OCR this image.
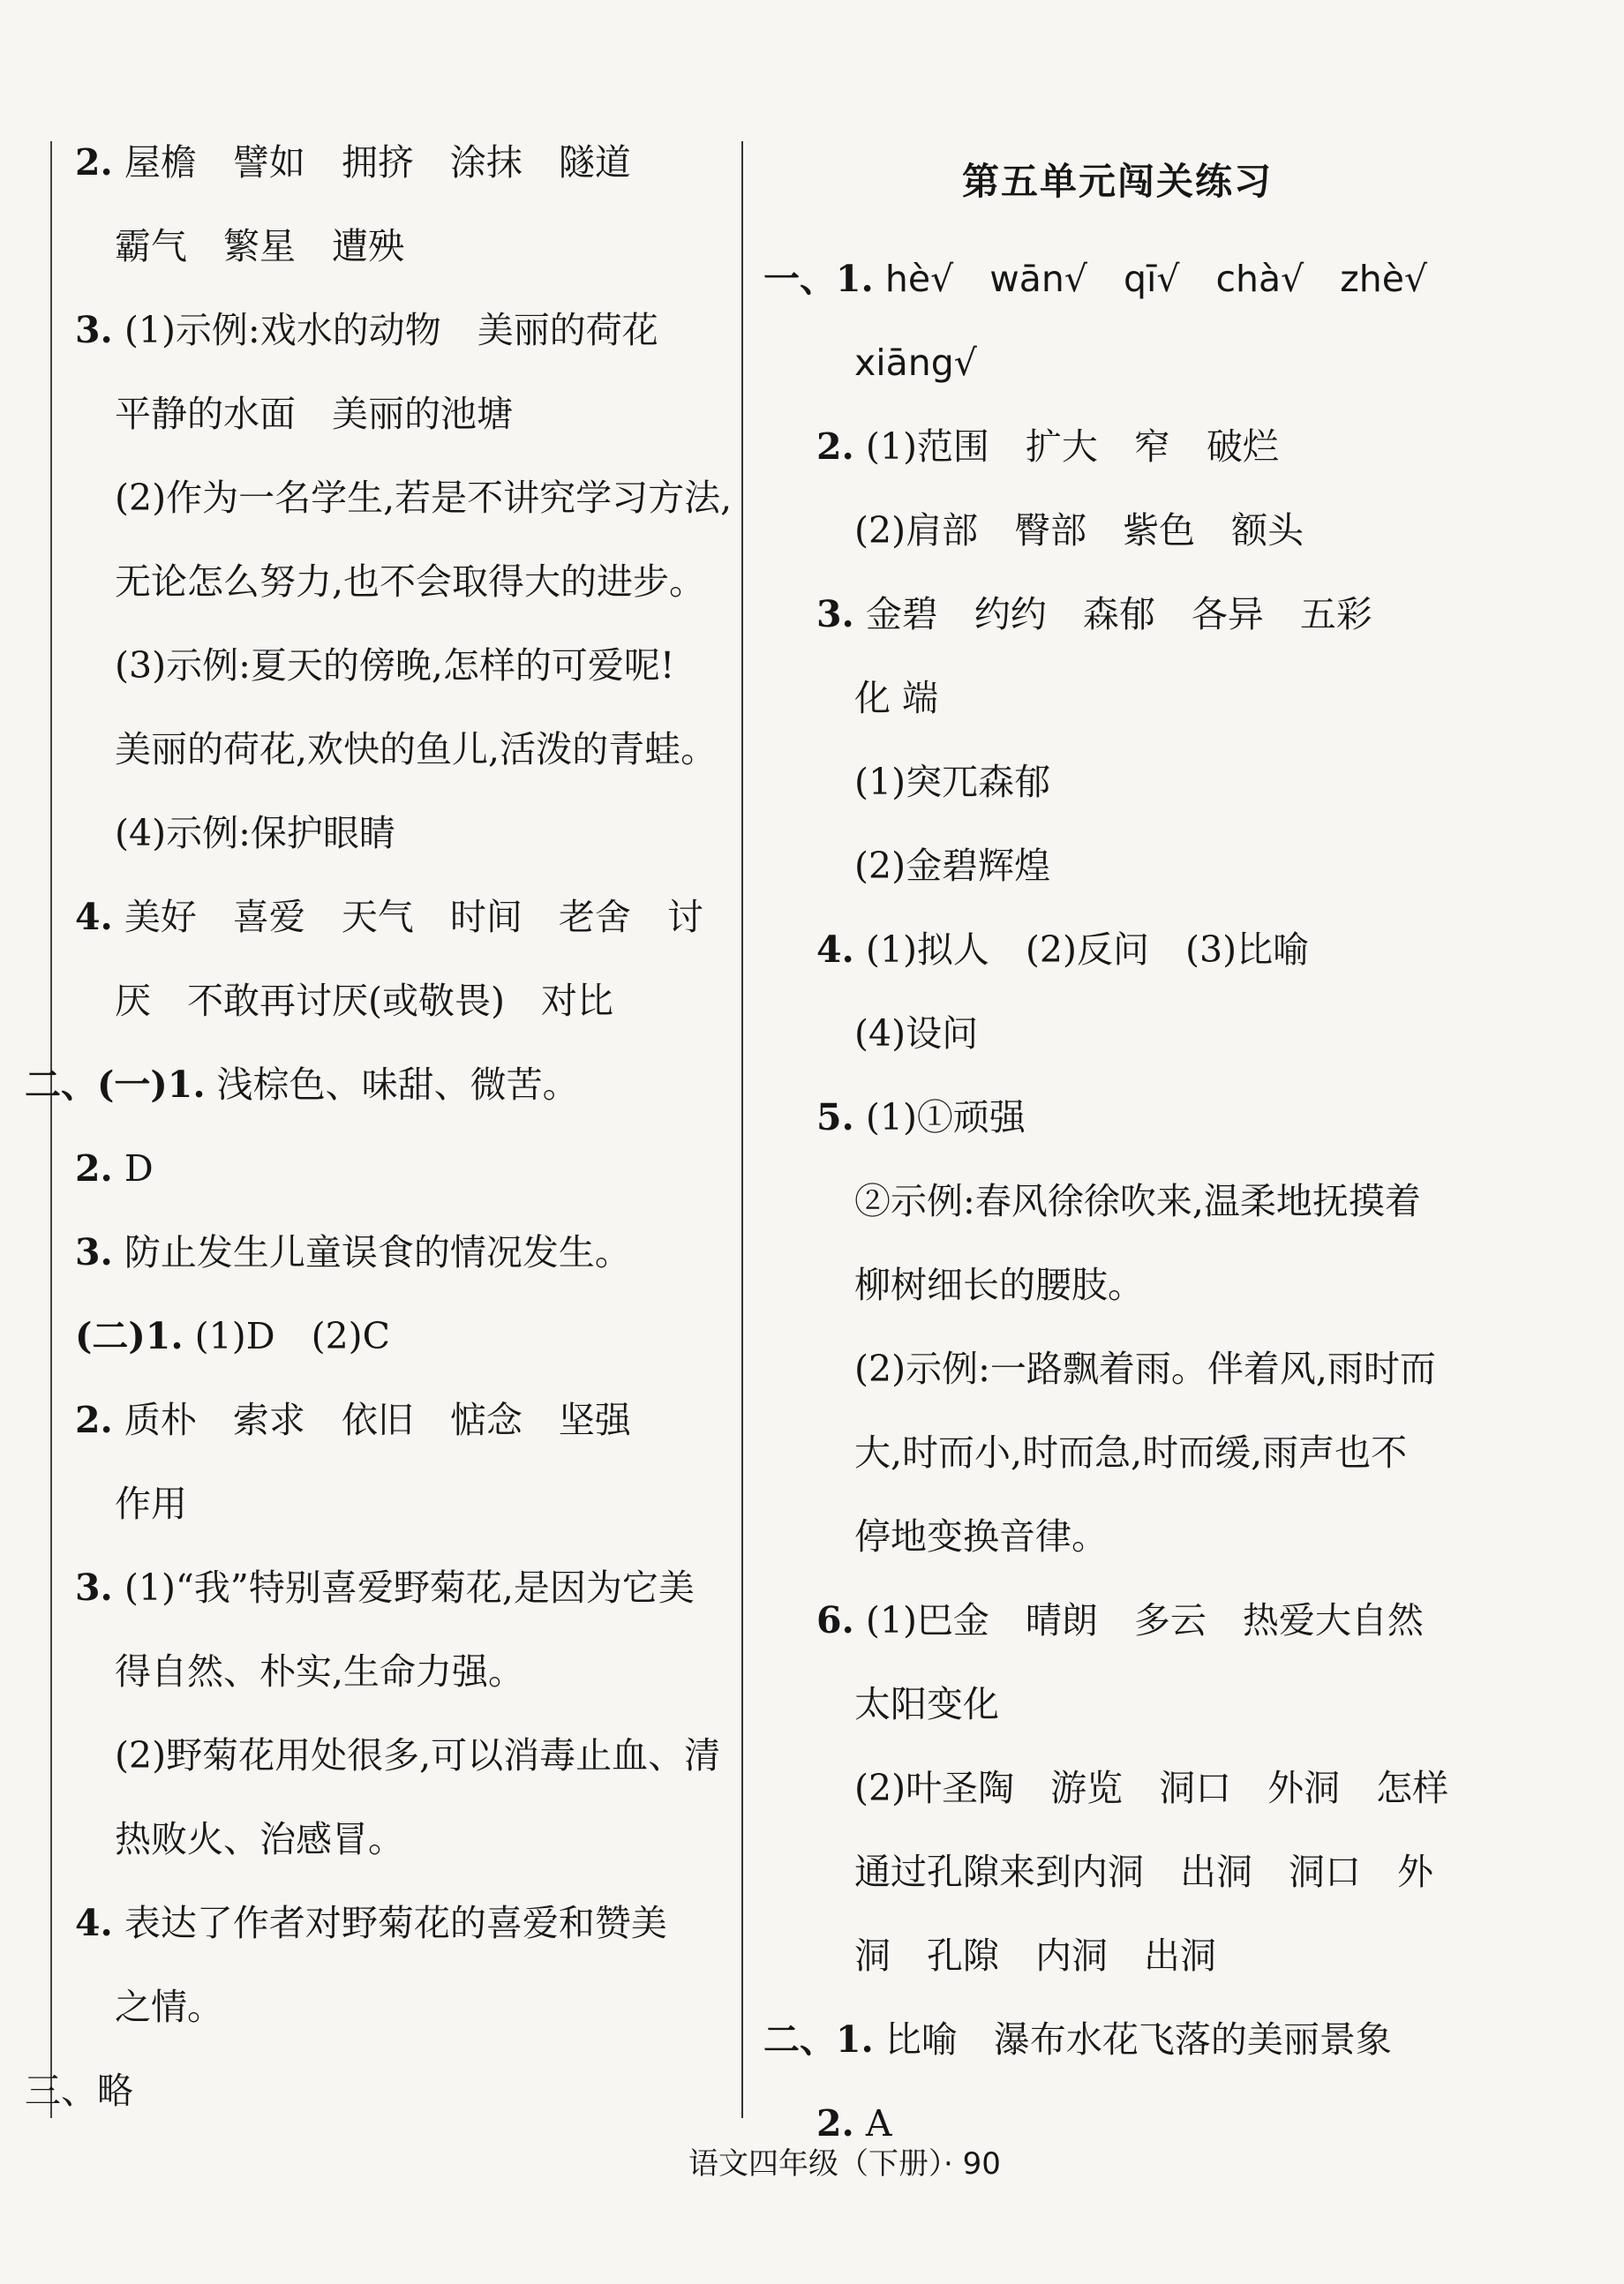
2. 屋檐　譬如　拥挤　涂抹　隧道
霸气　繁星　遭殃
3. (1)示例:戏水的动物　美丽的荷花
平静的水面　美丽的池塘
(2)作为一名学生,若是不讲究学习方法,
无论怎么努力,也不会取得大的进步。
(3)示例:夏天的傍晚,怎样的可爱呢!
美丽的荷花,欢快的鱼儿,活泼的青蛙。
(4)示例:保护眼睛
4. 美好　喜爱　天气　时间　老舍　讨
厌　不敢再讨厌(或敬畏)　对比
二、(一)1. 浅棕色、味甜、微苦。
2. D
3. 防止发生儿童误食的情况发生。
(二)1. (1)D　(2)C
2. 质朴　索求　依旧　惦念　坚强
作用
3. (1)“我”特别喜爱野菊花,是因为它美
得自然、朴实,生命力强。
(2)野菊花用处很多,可以消毒止血、清
热败火、治感冒。
4. 表达了作者对野菊花的喜爱和赞美
之情。
三、略
第五单元闯关练习
一、1. hè√　wān√　qī√　chà√　zhè√
xiāng√
2. (1)范围　扩大　窄　破烂
(2)肩部　臀部　紫色　额头
3. 金碧　约约　森郁　各异　五彩
化 端
(1)突兀森郁
(2)金碧辉煌
4. (1)拟人　(2)反问　(3)比喻
(4)设问
5. (1)①顽强
②示例:春风徐徐吹来,温柔地抚摸着
柳树细长的腰肢。
(2)示例:一路飘着雨。伴着风,雨时而
大,时而小,时而急,时而缓,雨声也不
停地变换音律。
6. (1)巴金　晴朗　多云　热爱大自然
太阳变化
(2)叶圣陶　游览　洞口　外洞　怎样
通过孔隙来到内洞　出洞　洞口　外
洞　孔隙　内洞　出洞
二、1. 比喻　瀑布水花飞落的美丽景象
2. A
语文四年级（下册）· 90
